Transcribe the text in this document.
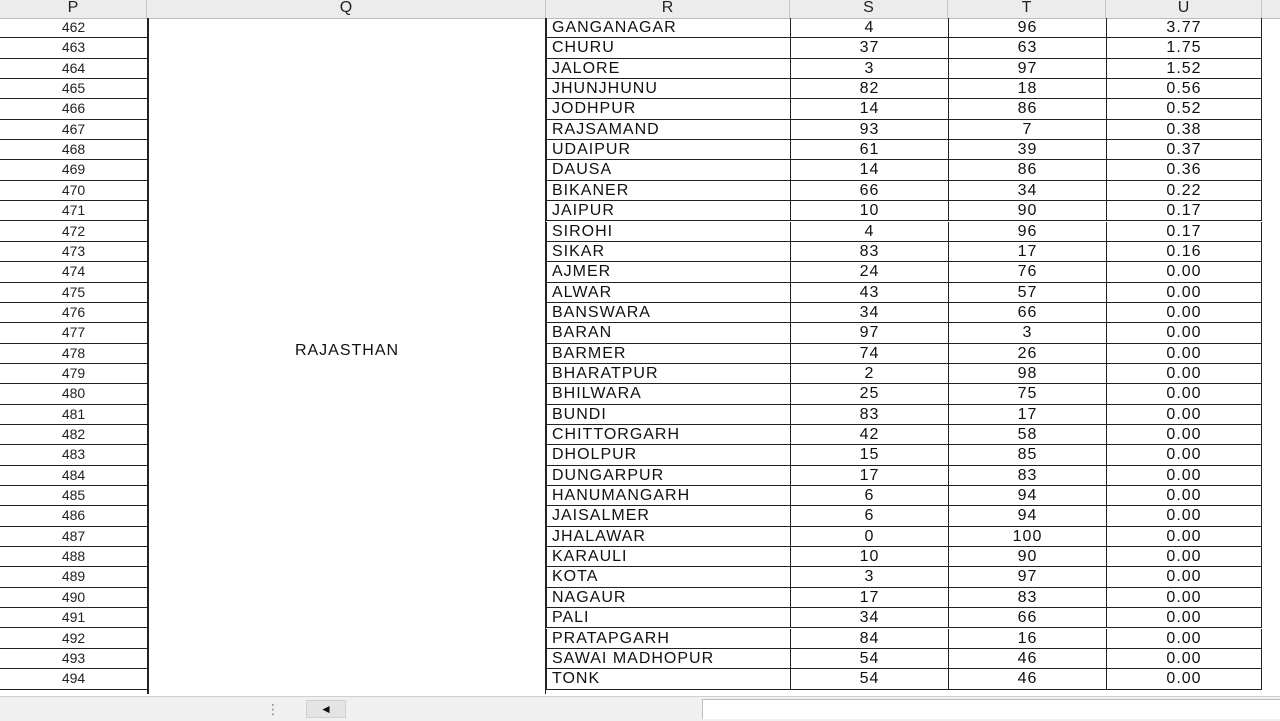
P	Q	R	S	T	U
RAJASTHAN
462	GANGANAGAR	4	96	3.77
463	CHURU	37	63	1.75
464	JALORE	3	97	1.52
465	JHUNJHUNU	82	18	0.56
466	JODHPUR	14	86	0.52
467	RAJSAMAND	93	7	0.38
468	UDAIPUR	61	39	0.37
469	DAUSA	14	86	0.36
470	BIKANER	66	34	0.22
471	JAIPUR	10	90	0.17
472	SIROHI	4	96	0.17
473	SIKAR	83	17	0.16
474	AJMER	24	76	0.00
475	ALWAR	43	57	0.00
476	BANSWARA	34	66	0.00
477	BARAN	97	3	0.00
478	BARMER	74	26	0.00
479	BHARATPUR	2	98	0.00
480	BHILWARA	25	75	0.00
481	BUNDI	83	17	0.00
482	CHITTORGARH	42	58	0.00
483	DHOLPUR	15	85	0.00
484	DUNGARPUR	17	83	0.00
485	HANUMANGARH	6	94	0.00
486	JAISALMER	6	94	0.00
487	JHALAWAR	0	100	0.00
488	KARAULI	10	90	0.00
489	KOTA	3	97	0.00
490	NAGAUR	17	83	0.00
491	PALI	34	66	0.00
492	PRATAPGARH	84	16	0.00
493	SAWAI MADHOPUR	54	46	0.00
494	TONK	54	46	0.00
⋮	◄
